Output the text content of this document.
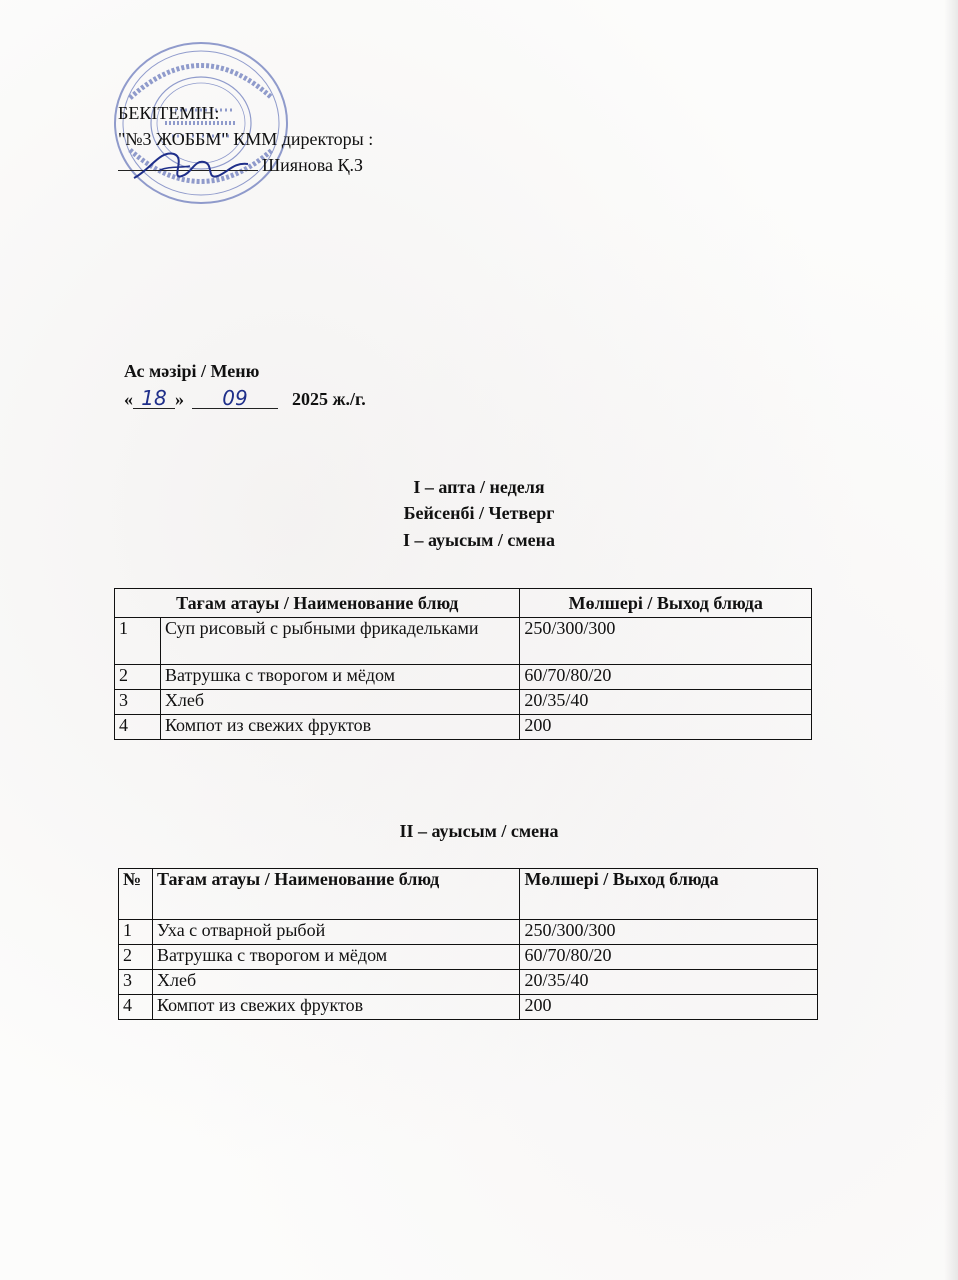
БЕКІТЕМІН:
"№3 ЖОББМ" КММ директоры :
Шиянова Қ.З
Ас мәзірі / Меню
« 18 » 09 2025 ж./г.
I – апта / неделя
Бейсенбі / Четверг
I – ауысым / смена
Тағам атауы / Наименование блюд		Мөлшері / Выход блюда
1	Суп рисовый с рыбными фрикадельками	250/300/300
2	Ватрушка с творогом и мёдом	60/70/80/20
3	Хлеб	20/35/40
4	Компот из свежих фруктов	200
II – ауысым / смена
№	Тағам атауы / Наименование блюд	Мөлшері / Выход блюда
1	Уха с отварной рыбой	250/300/300
2	Ватрушка с творогом и мёдом	60/70/80/20
3	Хлеб	20/35/40
4	Компот из свежих фруктов	200
